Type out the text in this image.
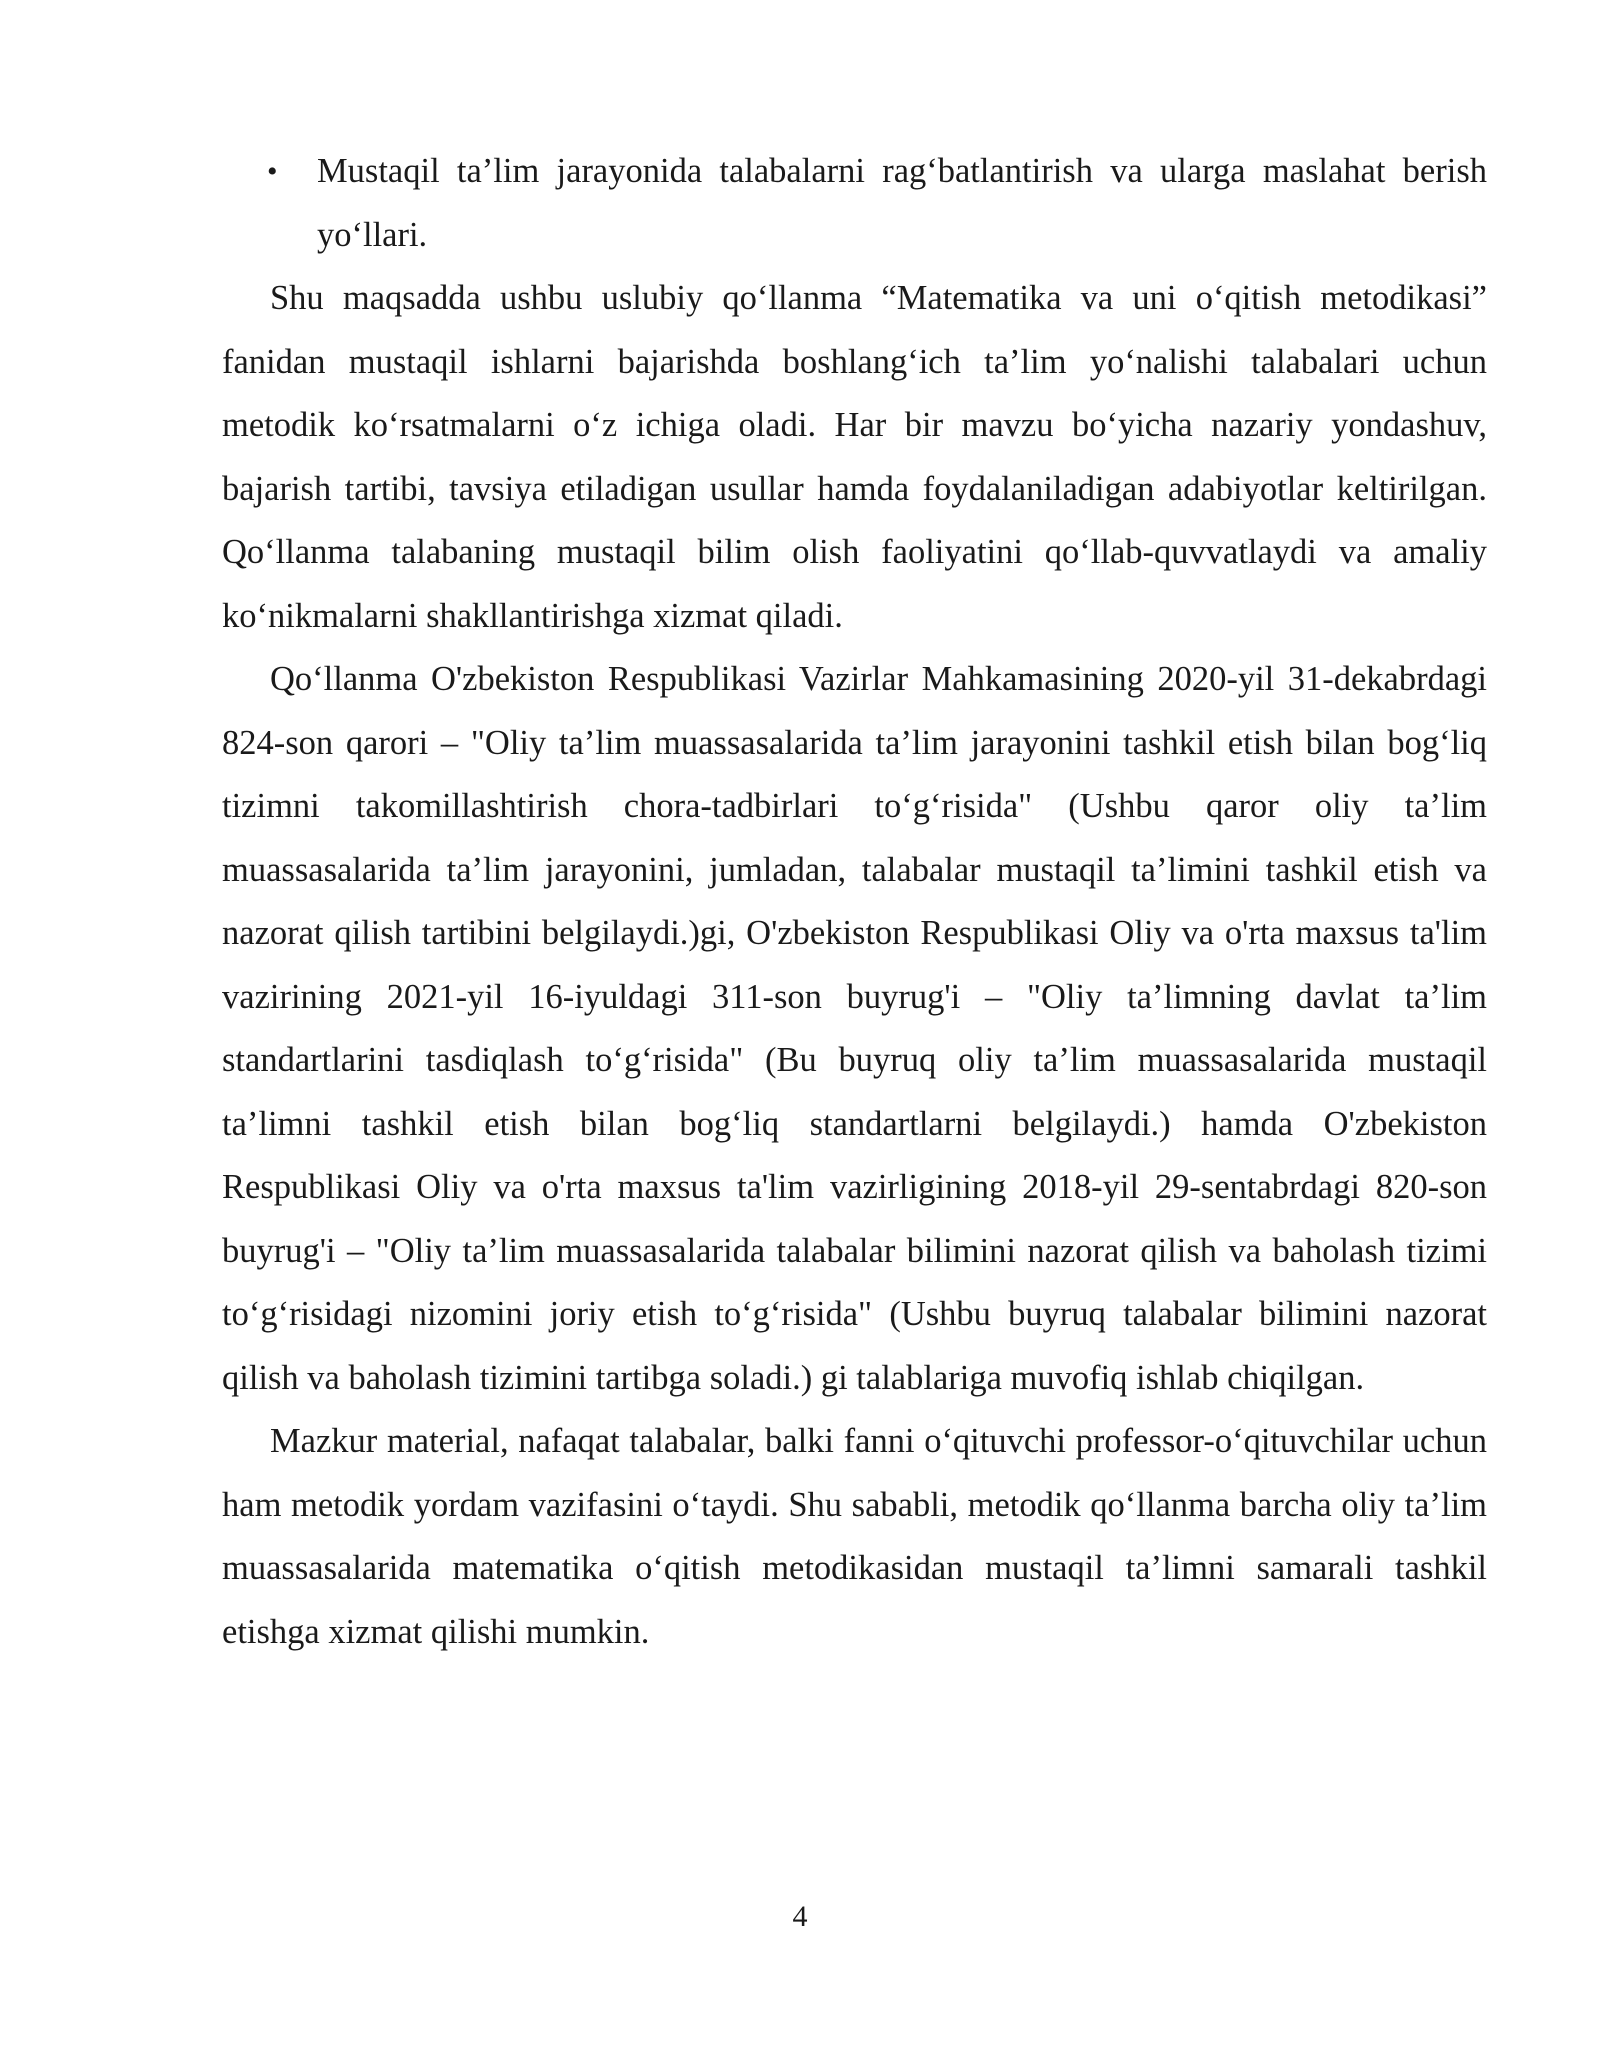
• Mustaqil ta’lim jarayonida talabalarni rag‘batlantirish va ularga maslahat berish yo‘llari.

Shu maqsadda ushbu uslubiy qo‘llanma “Matematika va uni o‘qitish metodikasi” fanidan mustaqil ishlarni bajarishda boshlang‘ich ta’lim yo‘nalishi talabalari uchun metodik ko‘rsatmalarni o‘z ichiga oladi. Har bir mavzu bo‘yicha nazariy yondashuv, bajarish tartibi, tavsiya etiladigan usullar hamda foydalaniladigan adabiyotlar keltirilgan. Qo‘llanma talabaning mustaqil bilim olish faoliyatini qo‘llab-quvvatlaydi va amaliy ko‘nikmalarni shakllantirishga xizmat qiladi.

Qo‘llanma O'zbekiston Respublikasi Vazirlar Mahkamasining 2020-yil 31-dekabrdagi 824-son qarori – "Oliy ta’lim muassasalarida ta’lim jarayonini tashkil etish bilan bog‘liq tizimni takomillashtirish chora-tadbirlari to‘g‘risida" (Ushbu qaror oliy ta’lim muassasalarida ta’lim jarayonini, jumladan, talabalar mustaqil ta’limini tashkil etish va nazorat qilish tartibini belgilaydi.)gi, O'zbekiston Respublikasi Oliy va o'rta maxsus ta'lim vazirining 2021-yil 16-iyuldagi 311-son buyrug'i – "Oliy ta’limning davlat ta’lim standartlarini tasdiqlash to‘g‘risida" (Bu buyruq oliy ta’lim muassasalarida mustaqil ta’limni tashkil etish bilan bog‘liq standartlarni belgilaydi.) hamda O'zbekiston Respublikasi Oliy va o'rta maxsus ta'lim vazirligining 2018-yil 29-sentabrdagi 820-son buyrug'i – "Oliy ta’lim muassasalarida talabalar bilimini nazorat qilish va baholash tizimi to‘g‘risidagi nizomini joriy etish to‘g‘risida" (Ushbu buyruq talabalar bilimini nazorat qilish va baholash tizimini tartibga soladi.) gi talablariga muvofiq ishlab chiqilgan.

Mazkur material, nafaqat talabalar, balki fanni o‘qituvchi professor-o‘qituvchilar uchun ham metodik yordam vazifasini o‘taydi. Shu sababli, metodik qo‘llanma barcha oliy ta’lim muassasalarida matematika o‘qitish metodikasidan mustaqil ta’limni samarali tashkil etishga xizmat qilishi mumkin.

4
